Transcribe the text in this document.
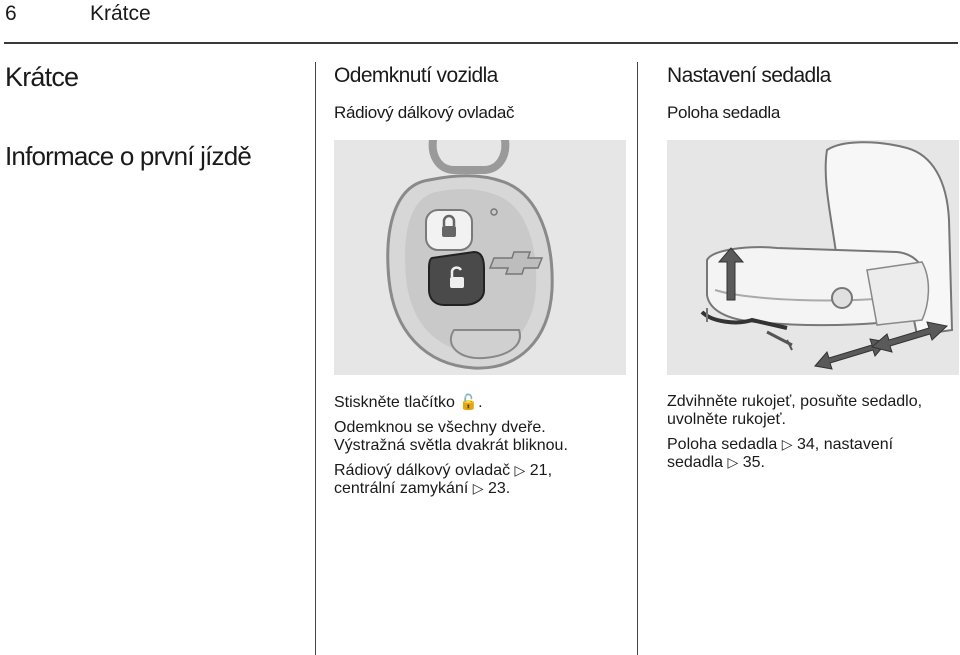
6	Krátce
Krátce
Informace o první jízdě
Odemknutí vozidla
Rádiový dálkový ovladač

Stiskněte tlačítko 🔓.

Odemknou se všechny dveře.
Výstražná světla dvakrát bliknou.

Rádiový dálkový ovladač ▷ 21,
centrální zamykání ▷ 23.

Nastavení sedadla
Poloha sedadla

Zdvihněte rukojeť, posuňte sedadlo,
uvolněte rukojeť.

Poloha sedadla ▷ 34, nastavení
sedadla ▷ 35.
